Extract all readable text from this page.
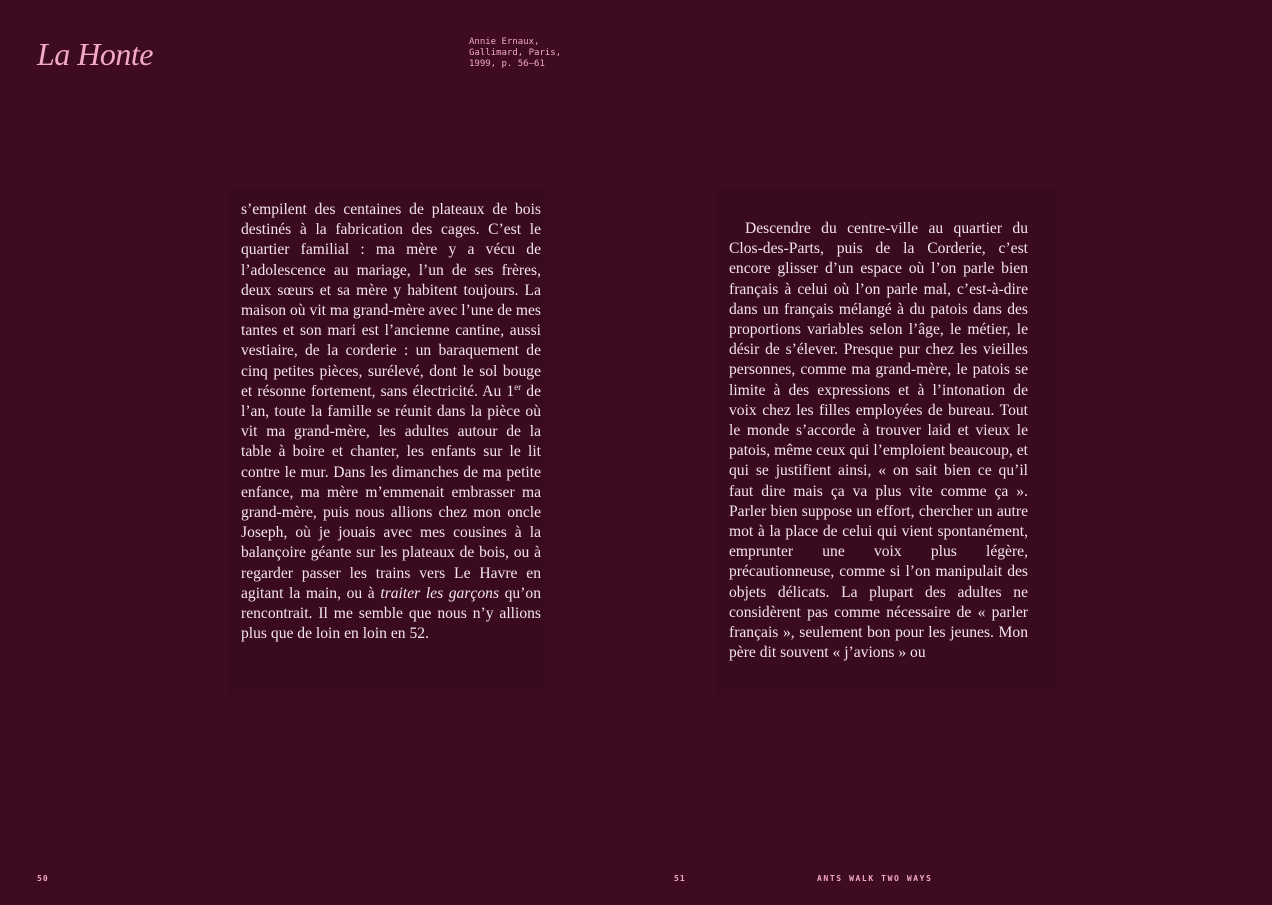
La Honte	Annie Ernaux,
Gallimard, Paris,
1999, p. 56–61

s’empilent des centaines de plateaux de bois destinés à la fabrication des cages. C’est le quartier familial : ma mère y a vécu de l’adolescence au mariage, l’un de ses frères, deux sœurs et sa mère y habitent toujours. La maison où vit ma grand-mère avec l’une de mes tantes et son mari est l’ancienne cantine, aussi vestiaire, de la corderie : un baraquement de cinq petites pièces, surélevé, dont le sol bouge et résonne fortement, sans électricité. Au 1er de l’an, toute la famille se réunit dans la pièce où vit ma grand-mère, les adultes autour de la table à boire et chanter, les enfants sur le lit contre le mur. Dans les dimanches de ma petite enfance, ma mère m’emmenait embrasser ma grand-mère, puis nous allions chez mon oncle Joseph, où je jouais avec mes cousines à la balançoire géante sur les plateaux de bois, ou à regarder passer les trains vers Le Havre en agitant la main, ou à traiter les garçons qu’on rencontrait. Il me semble que nous n’y allions plus que de loin en loin en 52.

Descendre du centre-ville au quartier du Clos-des-Parts, puis de la Corderie, c’est encore glisser d’un espace où l’on parle bien français à celui où l’on parle mal, c’est-à-dire dans un français mélangé à du patois dans des proportions variables selon l’âge, le métier, le désir de s’élever. Presque pur chez les vieilles personnes, comme ma grand-mère, le patois se limite à des expressions et à l’intonation de voix chez les filles employées de bureau. Tout le monde s’accorde à trouver laid et vieux le patois, même ceux qui l’emploient beaucoup, et qui se justifient ainsi, « on sait bien ce qu’il faut dire mais ça va plus vite comme ça ». Parler bien suppose un effort, chercher un autre mot à la place de celui qui vient spontanément, emprunter une voix plus légère, précautionneuse, comme si l’on manipulait des objets délicats. La plupart des adultes ne considèrent pas comme nécessaire de « parler français », seulement bon pour les jeunes. Mon père dit souvent « j’avions » ou

50	51	ANTS WALK TWO WAYS
